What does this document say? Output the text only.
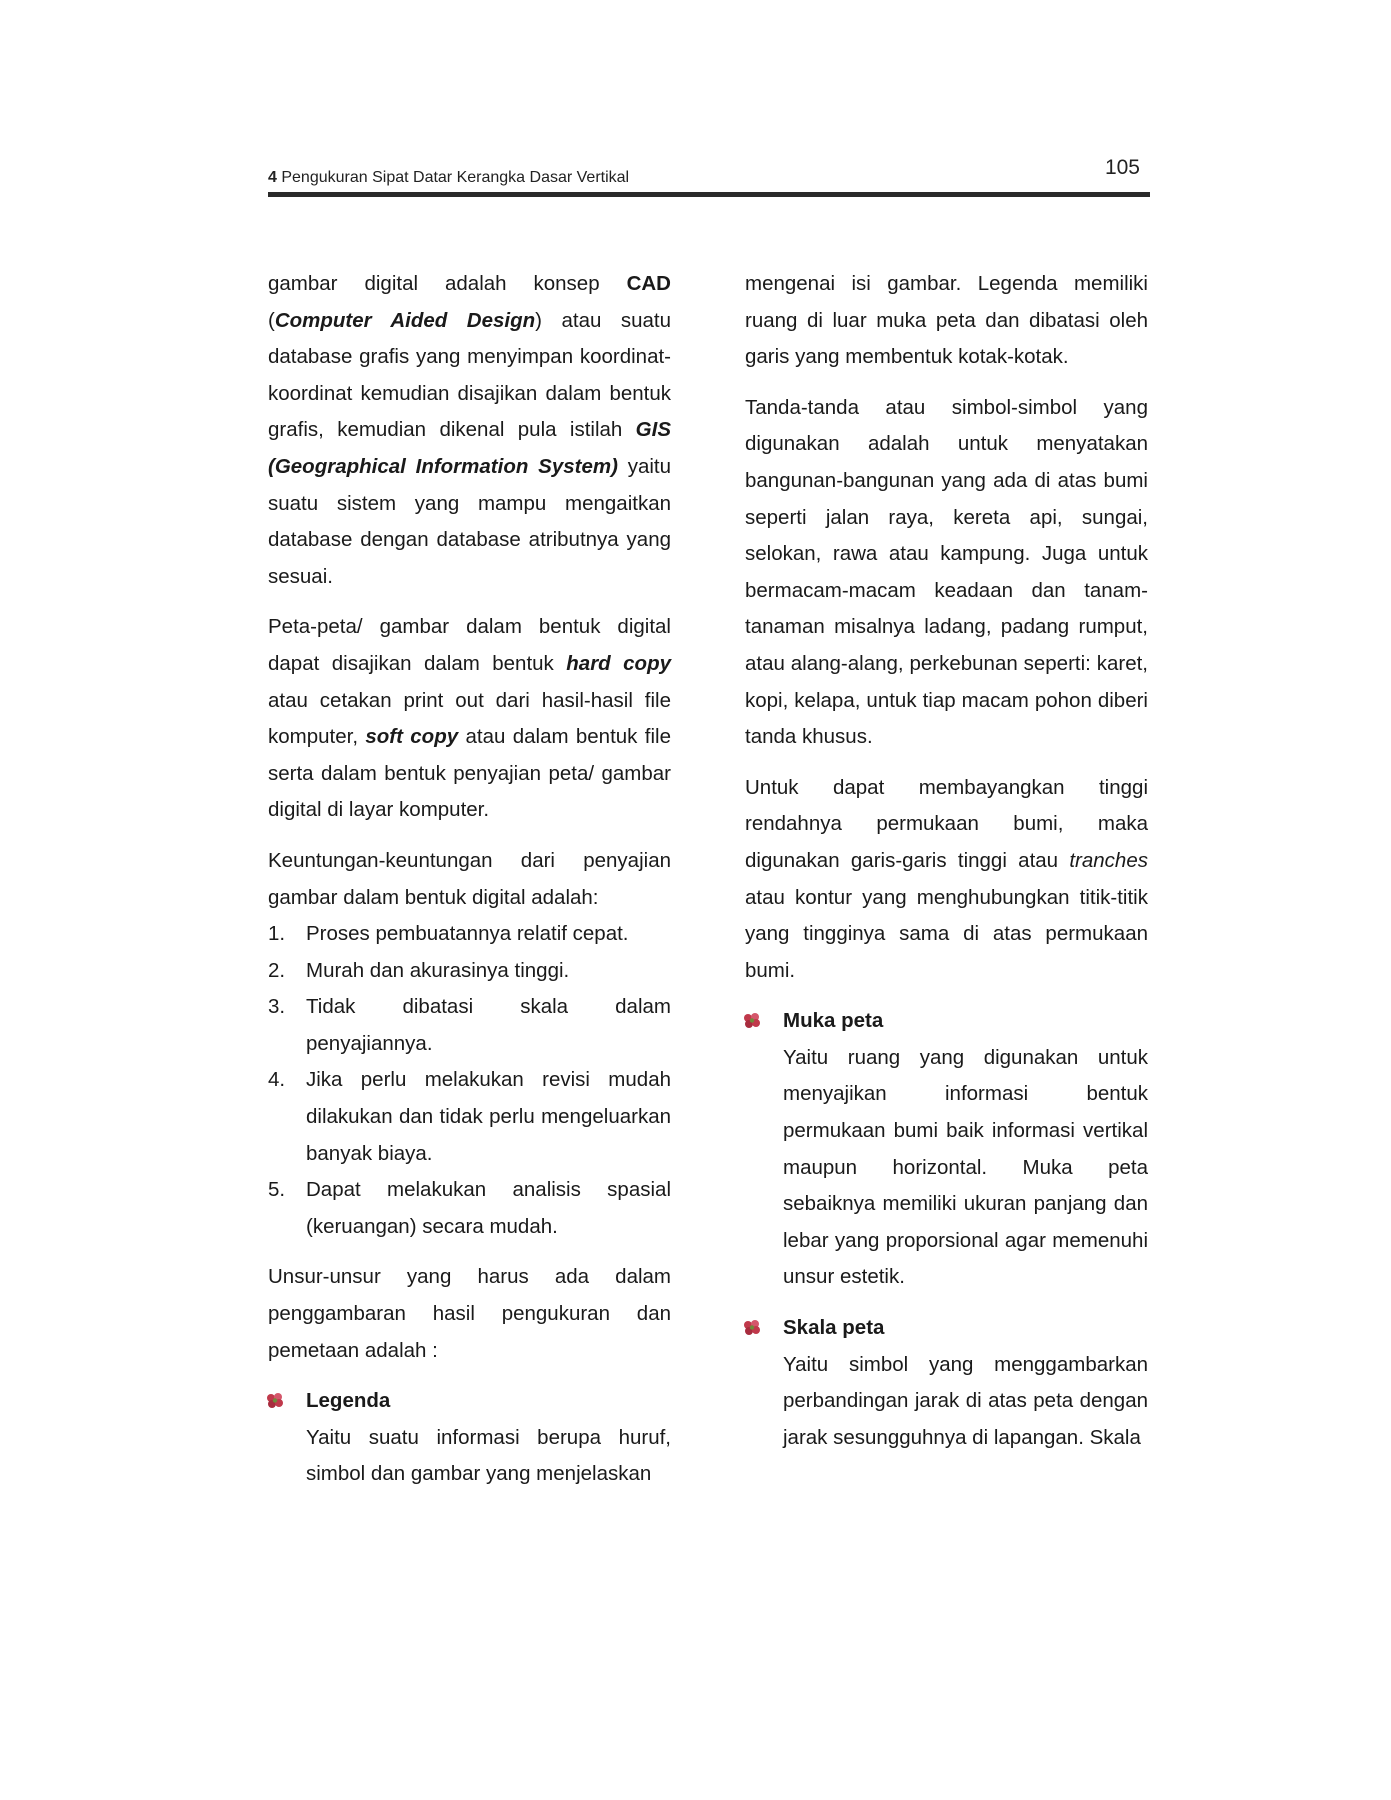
4 Pengukuran Sipat Datar Kerangka Dasar Vertikal	105

gambar digital adalah konsep CAD (Computer Aided Design) atau suatu database grafis yang menyimpan koordinat-koordinat kemudian disajikan dalam bentuk grafis, kemudian dikenal pula istilah GIS (Geographical Information System) yaitu suatu sistem yang mampu mengaitkan database dengan database atributnya yang sesuai.

Peta-peta/ gambar dalam bentuk digital dapat disajikan dalam bentuk hard copy atau cetakan print out dari hasil-hasil file komputer, soft copy atau dalam bentuk file serta dalam bentuk penyajian peta/ gambar digital di layar komputer.

Keuntungan-keuntungan dari penyajian gambar dalam bentuk digital adalah:

1. Proses pembuatannya relatif cepat.
2. Murah dan akurasinya tinggi.
3. Tidak dibatasi skala dalam penyajiannya.
4. Jika perlu melakukan revisi mudah dilakukan dan tidak perlu mengeluarkan banyak biaya.
5. Dapat melakukan analisis spasial (keruangan) secara mudah.

Unsur-unsur yang harus ada dalam penggambaran hasil pengukuran dan pemetaan adalah :

Legenda
Yaitu suatu informasi berupa huruf, simbol dan gambar yang menjelaskan

mengenai isi gambar. Legenda memiliki ruang di luar muka peta dan dibatasi oleh garis yang membentuk kotak-kotak.

Tanda-tanda atau simbol-simbol yang digunakan adalah untuk menyatakan bangunan-bangunan yang ada di atas bumi seperti jalan raya, kereta api, sungai, selokan, rawa atau kampung. Juga untuk bermacam-macam keadaan dan tanam-tanaman misalnya ladang, padang rumput, atau alang-alang, perkebunan seperti: karet, kopi, kelapa, untuk tiap macam pohon diberi tanda khusus.

Untuk dapat membayangkan tinggi rendahnya permukaan bumi, maka digunakan garis-garis tinggi atau tranches atau kontur yang menghubungkan titik-titik yang tingginya sama di atas permukaan bumi.

Muka peta
Yaitu ruang yang digunakan untuk menyajikan informasi bentuk permukaan bumi baik informasi vertikal maupun horizontal. Muka peta sebaiknya memiliki ukuran panjang dan lebar yang proporsional agar memenuhi unsur estetik.
Skala peta
Yaitu simbol yang menggambarkan perbandingan jarak di atas peta dengan jarak sesungguhnya di lapangan. Skala
